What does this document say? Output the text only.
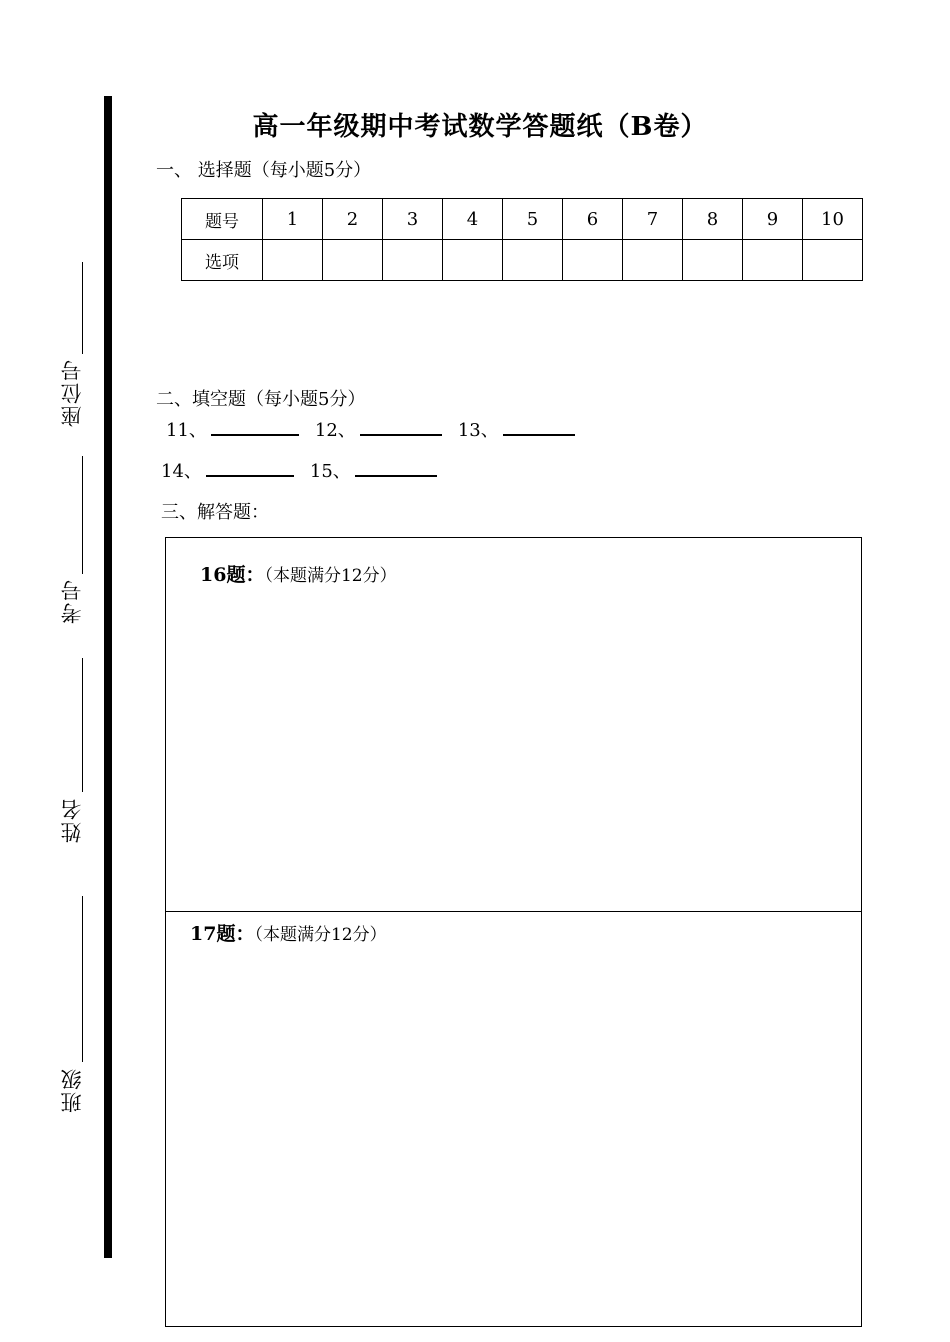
座位号
考号
姓名
班级
高一年级期中考试数学答题纸（B卷）
一、 选择题（每小题5分）
题号	1	2	3	4	5	6	7	8	9	10
选项										
二、填空题（每小题5分）
11、	12、	13、
14、	15、
三、解答题：
16题：（本题满分12分）
17题：（本题满分12分）
